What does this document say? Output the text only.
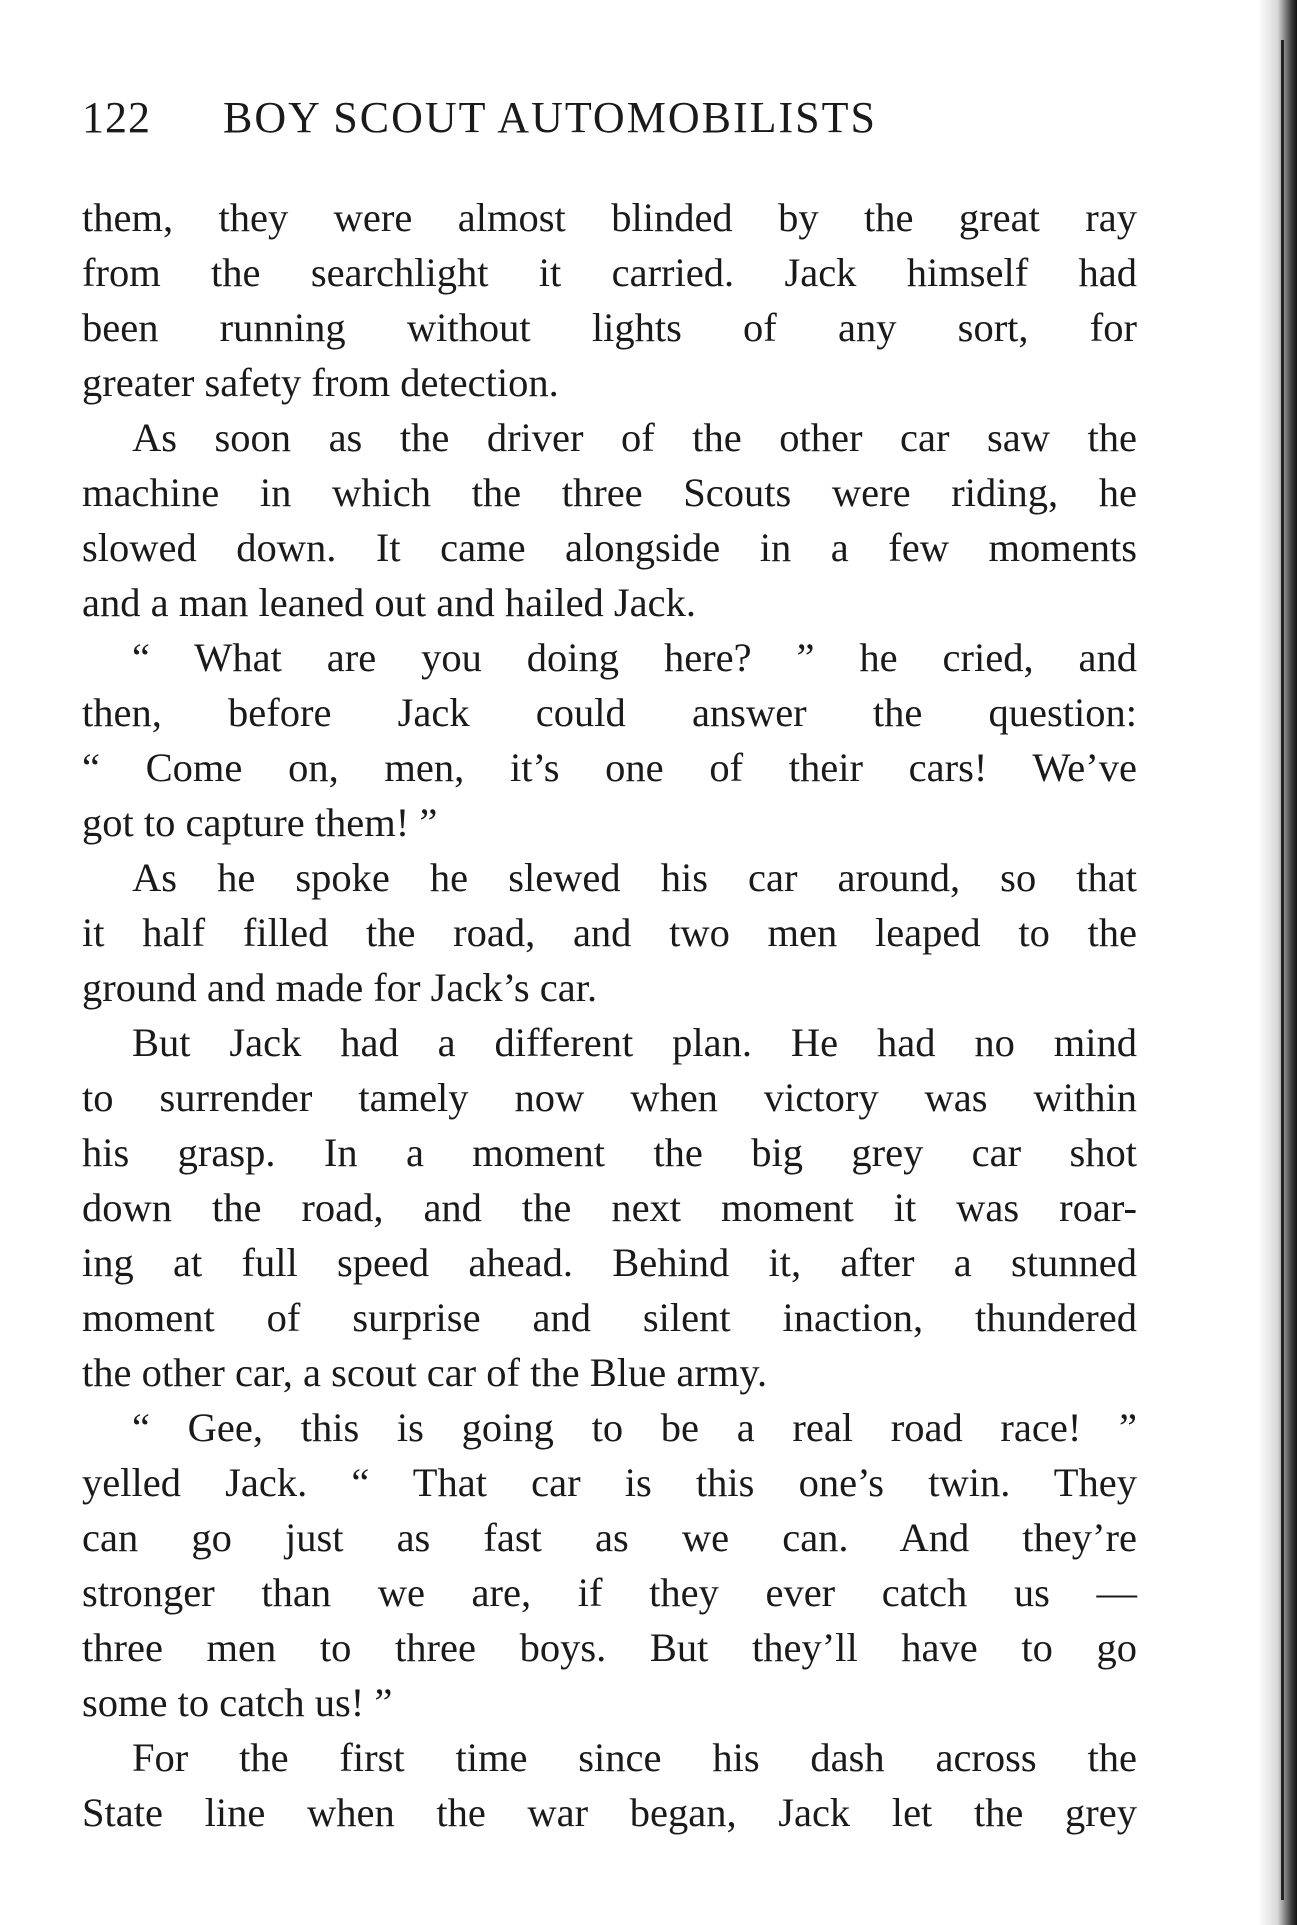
122 BOY SCOUT AUTOMOBILISTS

them, they were almost blinded by the great ray
from the searchlight it carried. Jack himself had
been running without lights of any sort, for
greater safety from detection.

As soon as the driver of the other car saw the
machine in which the three Scouts were riding, he
slowed down. It came alongside in a few moments
and a man leaned out and hailed Jack.

“ What are you doing here? ” he cried, and
then, before Jack could answer the question:
“ Come on, men, it’s one of their cars! We’ve
got to capture them! ”

As he spoke he slewed his car around, so that
it half filled the road, and two men leaped to the
ground and made for Jack’s car.

But Jack had a different plan. He had no mind
to surrender tamely now when victory was within
his grasp. In a moment the big grey car shot
down the road, and the next moment it was roar-
ing at full speed ahead. Behind it, after a stunned
moment of surprise and silent inaction, thundered
the other car, a scout car of the Blue army.

“ Gee, this is going to be a real road race! ”
yelled Jack. “ That car is this one’s twin. They
can go just as fast as we can. And they’re
stronger than we are, if they ever catch us —
three men to three boys. But they’ll have to go
some to catch us! ”

For the first time since his dash across the
State line when the war began, Jack let the grey
